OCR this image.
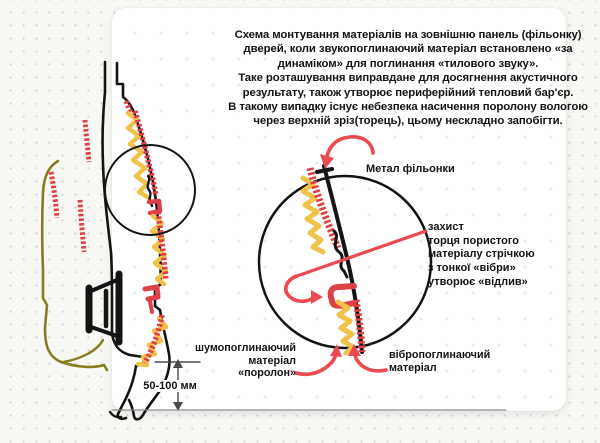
Схема монтування матеріалів на зовнішню панель (фільонку)
дверей, коли звукопоглинаючий матеріал встановлено «за
динаміком» для поглинання «тилового звуку».
Таке розташування виправдане для досягнення акустичного
результату, також утворює периферійний тепловий бар'єр.
В такому випадку існує небезпека насичення поролону вологою
через верхній зріз(торець), цьому нескладно запобігти.
Метал фільонки
захист
торця пористого
матеріалу стрічкою
з тонкої «вібри»
утворює «відлив»
шумопоглинаючий
матеріал
«поролон»
вібропоглинаючий
матеріал
50-100 мм
